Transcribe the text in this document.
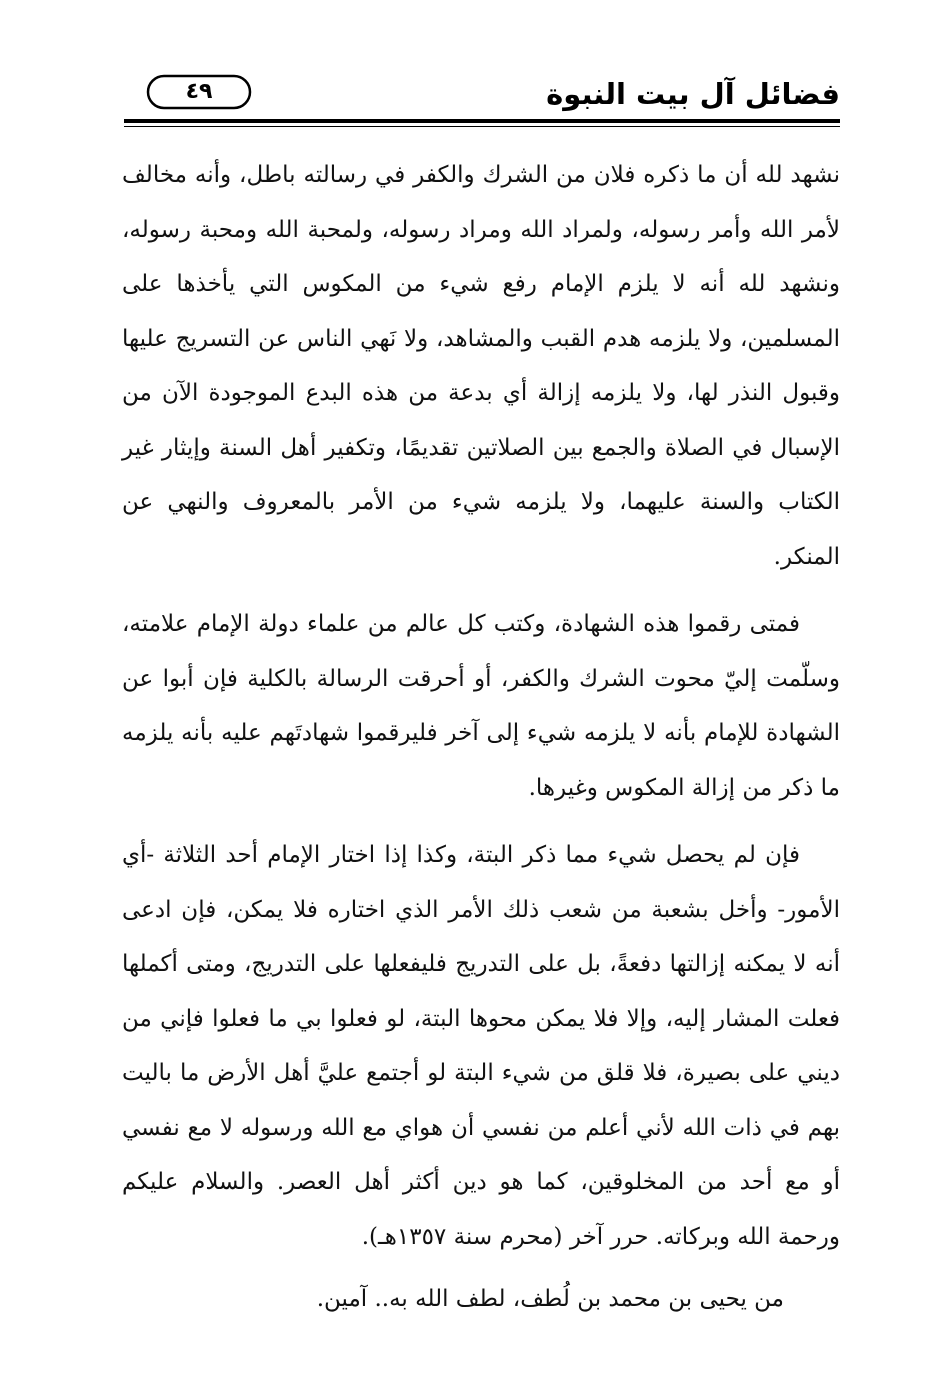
فضائل آل بيت النبوة
٤٩

نشهد لله أن ما ذكره فلان من الشرك والكفر في رسالته باطل، وأنه مخالف لأمر الله وأمر رسوله، ولمراد الله ومراد رسوله، ولمحبة الله ومحبة رسوله، ونشهد لله أنه لا يلزم الإمام رفع شيء من المكوس التي يأخذها على المسلمين، ولا يلزمه هدم القبب والمشاهد، ولا نَهي الناس عن التسريج عليها وقبول النذر لها، ولا يلزمه إزالة أي بدعة من هذه البدع الموجودة الآن من الإسبال في الصلاة والجمع بين الصلاتين تقديمًا، وتكفير أهل السنة وإيثار غير الكتاب والسنة عليهما، ولا يلزمه شيء من الأمر بالمعروف والنهي عن المنكر.

فمتى رقموا هذه الشهادة، وكتب كل عالم من علماء دولة الإمام علامته، وسلّمت إليّ محوت الشرك والكفر، أو أحرقت الرسالة بالكلية فإن أبوا عن الشهادة للإمام بأنه لا يلزمه شيء إلى آخر فليرقموا شهادتَهم عليه بأنه يلزمه ما ذكر من إزالة المكوس وغيرها.

فإن لم يحصل شيء مما ذكر البتة، وكذا إذا اختار الإمام أحد الثلاثة -أي الأمور- وأخل بشعبة من شعب ذلك الأمر الذي اختاره فلا يمكن، فإن ادعى أنه لا يمكنه إزالتها دفعةً، بل على التدريج فليفعلها على التدريج، ومتى أكملها فعلت المشار إليه، وإلا فلا يمكن محوها البتة، لو فعلوا بي ما فعلوا فإني من ديني على بصيرة، فلا قلق من شيء البتة لو أجتمع عليَّ أهل الأرض ما باليت بهم في ذات الله لأني أعلم من نفسي أن هواي مع الله ورسوله لا مع نفسي أو مع أحد من المخلوقين، كما هو دين أكثر أهل العصر. والسلام عليكم ورحمة الله وبركاته. حرر آخر (محرم سنة ١٣٥٧هـ).

من يحيى بن محمد بن لُطف، لطف الله به.. آمين.
